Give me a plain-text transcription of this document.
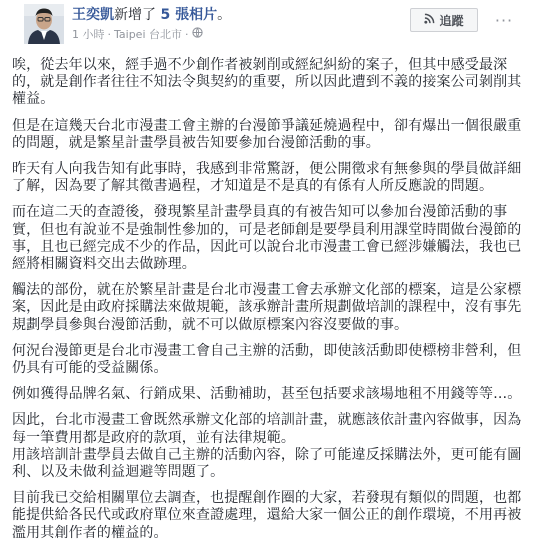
王奕凱新增了 5 張相片。
1 小時 · Taipei 台北市 ·
追蹤 ···

唉，從去年以來，經手過不少創作者被剝削或經紀糾紛的案子，但其中感受最深的，就是創作者往往不知法令與契約的重要，所以因此遭到不義的接案公司剝削其權益。

但是在這幾天台北市漫畫工會主辦的台漫節爭議延燒過程中，卻有爆出一個很嚴重的問題，就是繁星計畫學員被告知要參加台漫節活動的事。

昨天有人向我告知有此事時，我感到非常驚訝，便公開徵求有無參與的學員做詳細了解，因為要了解其徵書過程，才知道是不是真的有係有人所反應說的問題。

而在這二天的查證後，發現繁星計畫學員真的有被告知可以參加台漫節活動的事實，但也有說並不是強制性參加的，可是老師創是要學員利用課堂時間做台漫節的事，且也已經完成不少的作品，因此可以說台北市漫畫工會已經涉嫌觸法，我也已經將相關資料交出去做跡理。

觸法的部份，就在於繁星計畫是台北市漫畫工會去承辦文化部的標案，這是公家標案，因此是由政府採購法來做規範，該承辦計畫所規劃做培訓的課程中，沒有事先規劃學員參與台漫節活動，就不可以做原標案內容沒要做的事。

何況台漫節更是台北市漫畫工會自己主辦的活動，即使該活動即使標榜非營利，但仍具有可能的受益關係。

例如獲得品牌名氣、行銷成果、活動補助，甚至包括要求該場地租不用錢等等…。

因此，台北市漫畫工會既然承辦文化部的培訓計畫，就應該依計畫內容做事，因為每一筆費用都是政府的款項，並有法律規範。

用該培訓計畫學員去做自己主辦的活動內容，除了可能違反採購法外，更可能有圖利、以及未做利益迴避等問題了。

目前我已交給相關單位去調查，也提醒創作圈的大家，若發現有類似的問題，也都能提供給各民代或政府單位來查證處理，還給大家一個公正的創作環境，不用再被濫用其創作者的權益的。
